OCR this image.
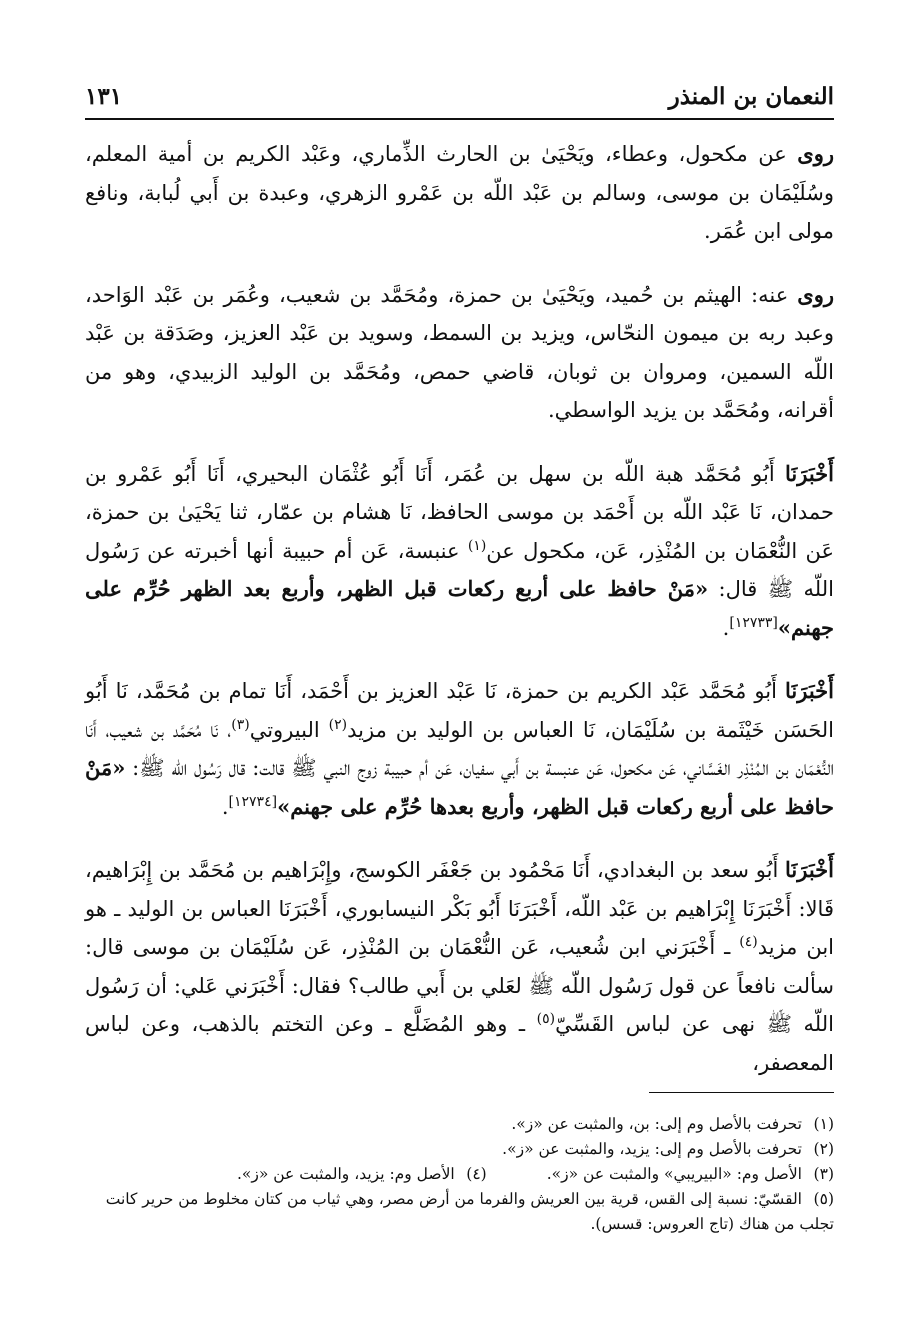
النعمان بن المنذر
١٣١

روى عن مكحول، وعطاء، ويَحْيَىٰ بن الحارث الذِّماري، وعَبْد الكريم بن أمية المعلم، وسُلَيْمَان بن موسى، وسالم بن عَبْد اللّه بن عَمْرو الزهري، وعبدة بن أَبي لُبابة، ونافع مولى ابن عُمَر.

روى عنه: الهيثم بن حُميد، ويَحْيَىٰ بن حمزة، ومُحَمَّد بن شعيب، وعُمَر بن عَبْد الوَاحد، وعبد ربه بن ميمون النحّاس، ويزيد بن السمط، وسويد بن عَبْد العزيز، وصَدَقة بن عَبْد اللّه السمين، ومروان بن ثوبان، قاضي حمص، ومُحَمَّد بن الوليد الزبيدي، وهو من أقرانه، ومُحَمَّد بن يزيد الواسطي.

أَخْبَرَنَا أَبُو مُحَمَّد هبة اللّه بن سهل بن عُمَر، أَنَا أَبُو عُثْمَان البحيري، أَنَا أَبُو عَمْرو بن حمدان، نَا عَبْد اللّه بن أَحْمَد بن موسى الحافظ، نَا هشام بن عمّار، ثنا يَحْيَىٰ بن حمزة، عَن النُّعْمَان بن المُنْذِر، عَن، مكحول عن$^{(١)}$ عنبسة، عَن أم حبيبة أنها أخبرته عن رَسُول اللّه ﷺ قال: «مَنْ حافظ على أربع ركعات قبل الظهر، وأربع بعد الظهر حُرِّم على جهنم»[١٢٧٣٣].

أَخْبَرَنَا أَبُو مُحَمَّد عَبْد الكريم بن حمزة، نَا عَبْد العزيز بن أَحْمَد، أَنَا تمام بن مُحَمَّد، نَا أَبُو الحَسَن خَيْثَمة بن سُلَيْمَان، نَا العباس بن الوليد بن مزيد$^{(٢)}$ البيروتي$^{(٣)}$، نَا مُحَمَّد بن شعيب، أَنَا النُّعْمَان بن المُنْذِر الغَسَّاني، عَن مكحول، عَن عنبسة بن أَبي سفيان، عَن أم حبيبة زوج النبي ﷺ قالت: قال رَسُول اللّه ﷺ: «مَنْ حافظ على أربع ركعات قبل الظهر، وأربع بعدها حُرِّم على جهنم»[١٢٧٣٤].

أَخْبَرَنَا أَبُو سعد بن البغدادي، أَنَا مَحْمُود بن جَعْفَر الكوسج، وإِبْرَاهيم بن مُحَمَّد بن إِبْرَاهيم، قَالا: أَخْبَرَنَا إِبْرَاهيم بن عَبْد اللّه، أَخْبَرَنَا أَبُو بَكْر النيسابوري، أَخْبَرَنَا العباس بن الوليد ـ هو ابن مزيد$^{(٤)}$ ـ أَخْبَرَني ابن شُعيب، عَن النُّعْمَان بن المُنْذِر، عَن سُلَيْمَان بن موسى قال: سألت نافعاً عن قول رَسُول اللّه ﷺ لعَلي بن أَبي طالب؟ فقال: أَخْبَرَني عَلي: أن رَسُول اللّه ﷺ نهى عن لباس القَسِّيّ$^{(٥)}$ ـ وهو المُضَلَّع ـ وعن التختم بالذهب، وعن لباس المعصفر،

(١)تحرفت بالأصل وم إلى: بن، والمثبت عن «ز».

(٢)تحرفت بالأصل وم إلى: يزيد، والمثبت عن «ز».

(٣)الأصل وم: «البيريبي» والمثبت عن «ز».

(٤)الأصل وم: يزيد، والمثبت عن «ز».

(٥)القسّيّ: نسبة إلى القس، قرية بين العريش والفرما من أرض مصر، وهي ثياب من كتان مخلوط من حرير كانت تجلب من هناك (تاج العروس: قسس).
